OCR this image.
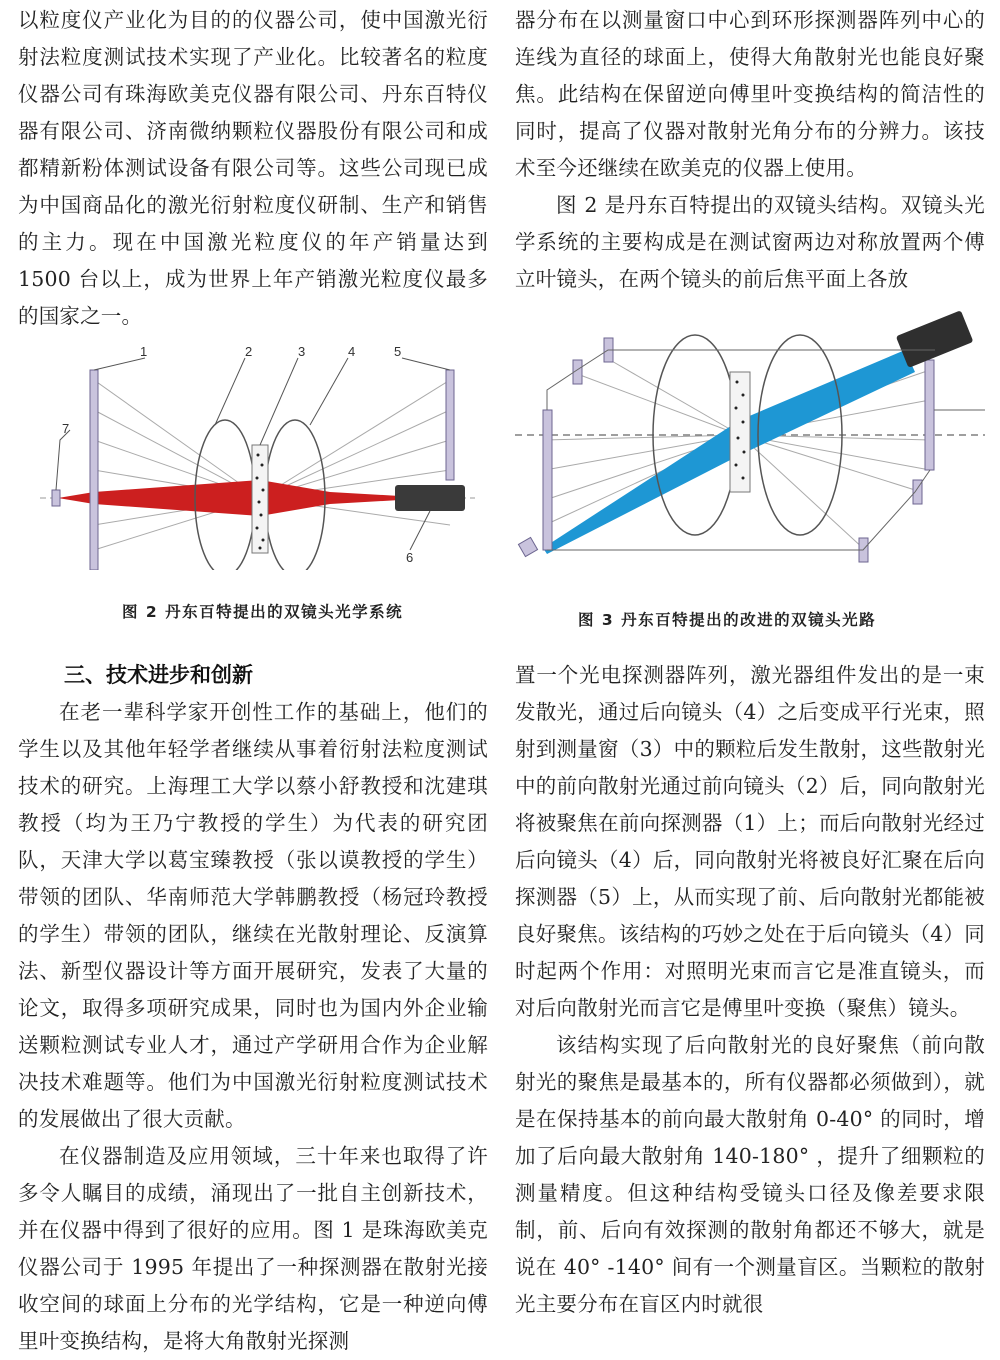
以粒度仪产业化为目的的仪器公司，使中国激光衍射法粒度测试技术实现了产业化。比较著名的粒度仪器公司有珠海欧美克仪器有限公司、丹东百特仪器有限公司、济南微纳颗粒仪器股份有限公司和成都精新粉体测试设备有限公司等。这些公司现已成为中国商品化的激光衍射粒度仪研制、生产和销售的主力。现在中国激光粒度仪的年产销量达到 1500 台以上，成为世界上年产销激光粒度仪最多的国家之一。

器分布在以测量窗口中心到环形探测器阵列中心的连线为直径的球面上，使得大角散射光也能良好聚焦。此结构在保留逆向傅里叶变换结构的简洁性的同时，提高了仪器对散射光角分布的分辨力。该技术至今还继续在欧美克的仪器上使用。

图 2 是丹东百特提出的双镜头结构。双镜头光学系统的主要构成是在测试窗两边对称放置两个傅立叶镜头，在两个镜头的前后焦平面上各放

1	2	3	4	5
6
7
图 2 丹东百特提出的双镜头光学系统	图 3 丹东百特提出的改进的双镜头光路
三、技术进步和创新

在老一辈科学家开创性工作的基础上，他们的学生以及其他年轻学者继续从事着衍射法粒度测试技术的研究。上海理工大学以蔡小舒教授和沈建琪教授（均为王乃宁教授的学生）为代表的研究团队，天津大学以葛宝臻教授（张以谟教授的学生）带领的团队、华南师范大学韩鹏教授（杨冠玲教授的学生）带领的团队，继续在光散射理论、反演算法、新型仪器设计等方面开展研究，发表了大量的论文，取得多项研究成果，同时也为国内外企业输送颗粒测试专业人才，通过产学研用合作为企业解决技术难题等。他们为中国激光衍射粒度测试技术的发展做出了很大贡献。

在仪器制造及应用领域，三十年来也取得了许多令人瞩目的成绩，涌现出了一批自主创新技术，并在仪器中得到了很好的应用。图 1 是珠海欧美克仪器公司于 1995 年提出了一种探测器在散射光接收空间的球面上分布的光学结构，它是一种逆向傅里叶变换结构，是将大角散射光探测

置一个光电探测器阵列，激光器组件发出的是一束发散光，通过后向镜头（4）之后变成平行光束，照射到测量窗（3）中的颗粒后发生散射，这些散射光中的前向散射光通过前向镜头（2）后，同向散射光将被聚焦在前向探测器（1）上；而后向散射光经过后向镜头（4）后，同向散射光将被良好汇聚在后向探测器（5）上，从而实现了前、后向散射光都能被良好聚焦。该结构的巧妙之处在于后向镜头（4）同时起两个作用：对照明光束而言它是准直镜头，而对后向散射光而言它是傅里叶变换（聚焦）镜头。

该结构实现了后向散射光的良好聚焦（前向散射光的聚焦是最基本的，所有仪器都必须做到），就是在保持基本的前向最大散射角 0-40° 的同时，增加了后向最大散射角 140-180° ，提升了细颗粒的测量精度。但这种结构受镜头口径及像差要求限制，前、后向有效探测的散射角都还不够大，就是说在 40° -140° 间有一个测量盲区。当颗粒的散射光主要分布在盲区内时就很
